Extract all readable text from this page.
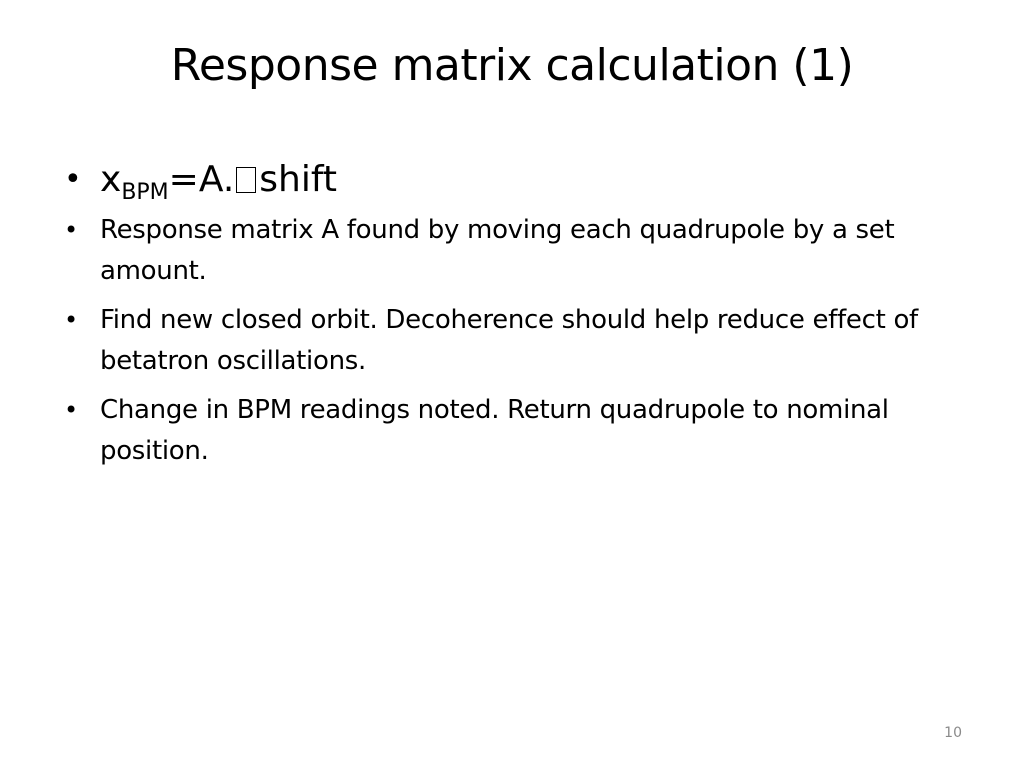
Response matrix calculation (1)
• $x_{BPM}=A$. shift
• Response matrix A found by moving each quadrupole by a set amount.
• Find new closed orbit. Decoherence should help reduce effect of betatron oscillations.
• Change in BPM readings noted. Return quadrupole to nominal position.
10
